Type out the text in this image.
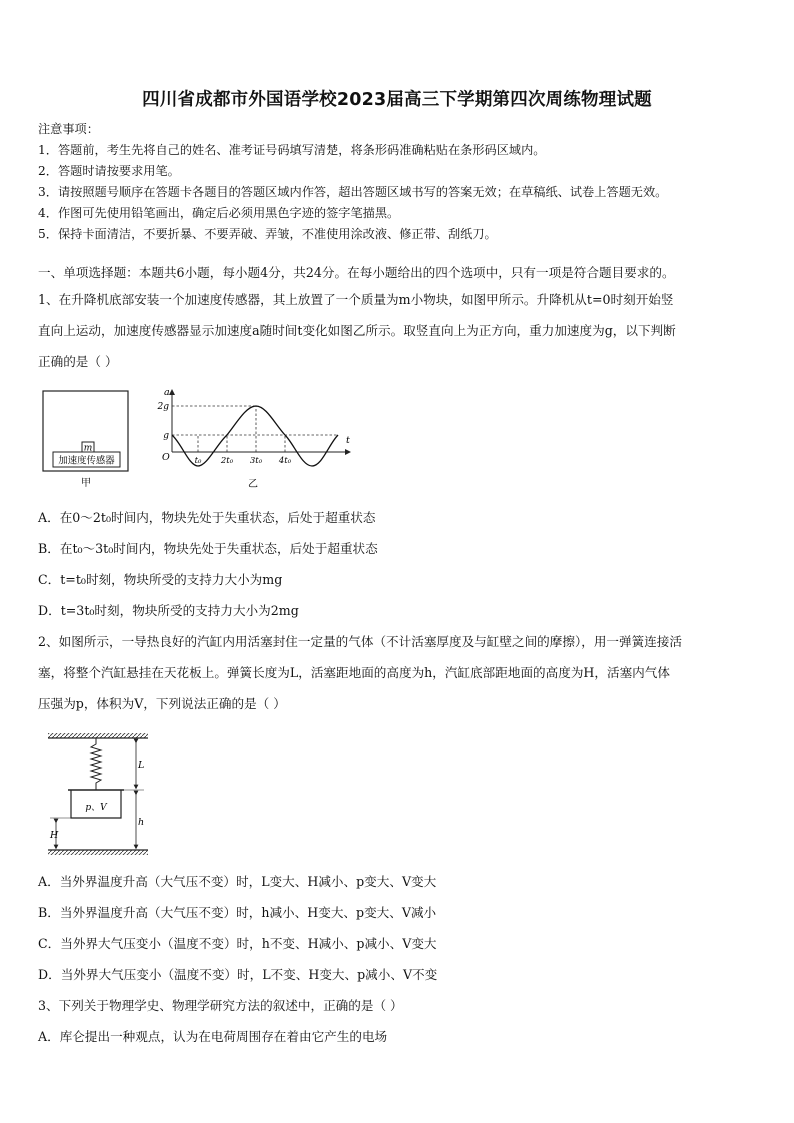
四川省成都市外国语学校2023届高三下学期第四次周练物理试题
注意事项：
1．答题前，考生先将自己的姓名、准考证号码填写清楚，将条形码准确粘贴在条形码区域内。
2．答题时请按要求用笔。
3．请按照题号顺序在答题卡各题目的答题区域内作答，超出答题区域书写的答案无效；在草稿纸、试卷上答题无效。
4．作图可先使用铅笔画出，确定后必须用黑色字迹的签字笔描黑。
5．保持卡面清洁，不要折暴、不要弄破、弄皱，不准使用涂改液、修正带、刮纸刀。
一、单项选择题：本题共6小题，每小题4分，共24分。在每小题给出的四个选项中，只有一项是符合题目要求的。
1、在升降机底部安装一个加速度传感器，其上放置了一个质量为m小物块，如图甲所示。升降机从t=0时刻开始竖
直向上运动，加速度传感器显示加速度a随时间t变化如图乙所示。取竖直向上为正方向，重力加速度为g，以下判断
正确的是（ ）
m
加速度传感器
甲
a
t
O
2g
g
t₀ 2t₀ 3t₀ 4t₀
乙
A．在0～2t₀时间内，物块先处于失重状态，后处于超重状态
B．在t₀～3t₀时间内，物块先处于失重状态，后处于超重状态
C．t=t₀时刻，物块所受的支持力大小为mg
D．t=3t₀时刻，物块所受的支持力大小为2mg
2、如图所示，一导热良好的汽缸内用活塞封住一定量的气体（不计活塞厚度及与缸壁之间的摩擦），用一弹簧连接活
塞，将整个汽缸悬挂在天花板上。弹簧长度为L，活塞距地面的高度为h，汽缸底部距地面的高度为H，活塞内气体
压强为p，体积为V，下列说法正确的是（ ）
p、V
L
h
H
A．当外界温度升高（大气压不变）时，L变大、H减小、p变大、V变大
B．当外界温度升高（大气压不变）时，h减小、H变大、p变大、V减小
C．当外界大气压变小（温度不变）时，h不变、H减小、p减小、V变大
D．当外界大气压变小（温度不变）时，L不变、H变大、p减小、V不变
3、下列关于物理学史、物理学研究方法的叙述中，正确的是（ ）
A．库仑提出一种观点，认为在电荷周围存在着由它产生的电场
